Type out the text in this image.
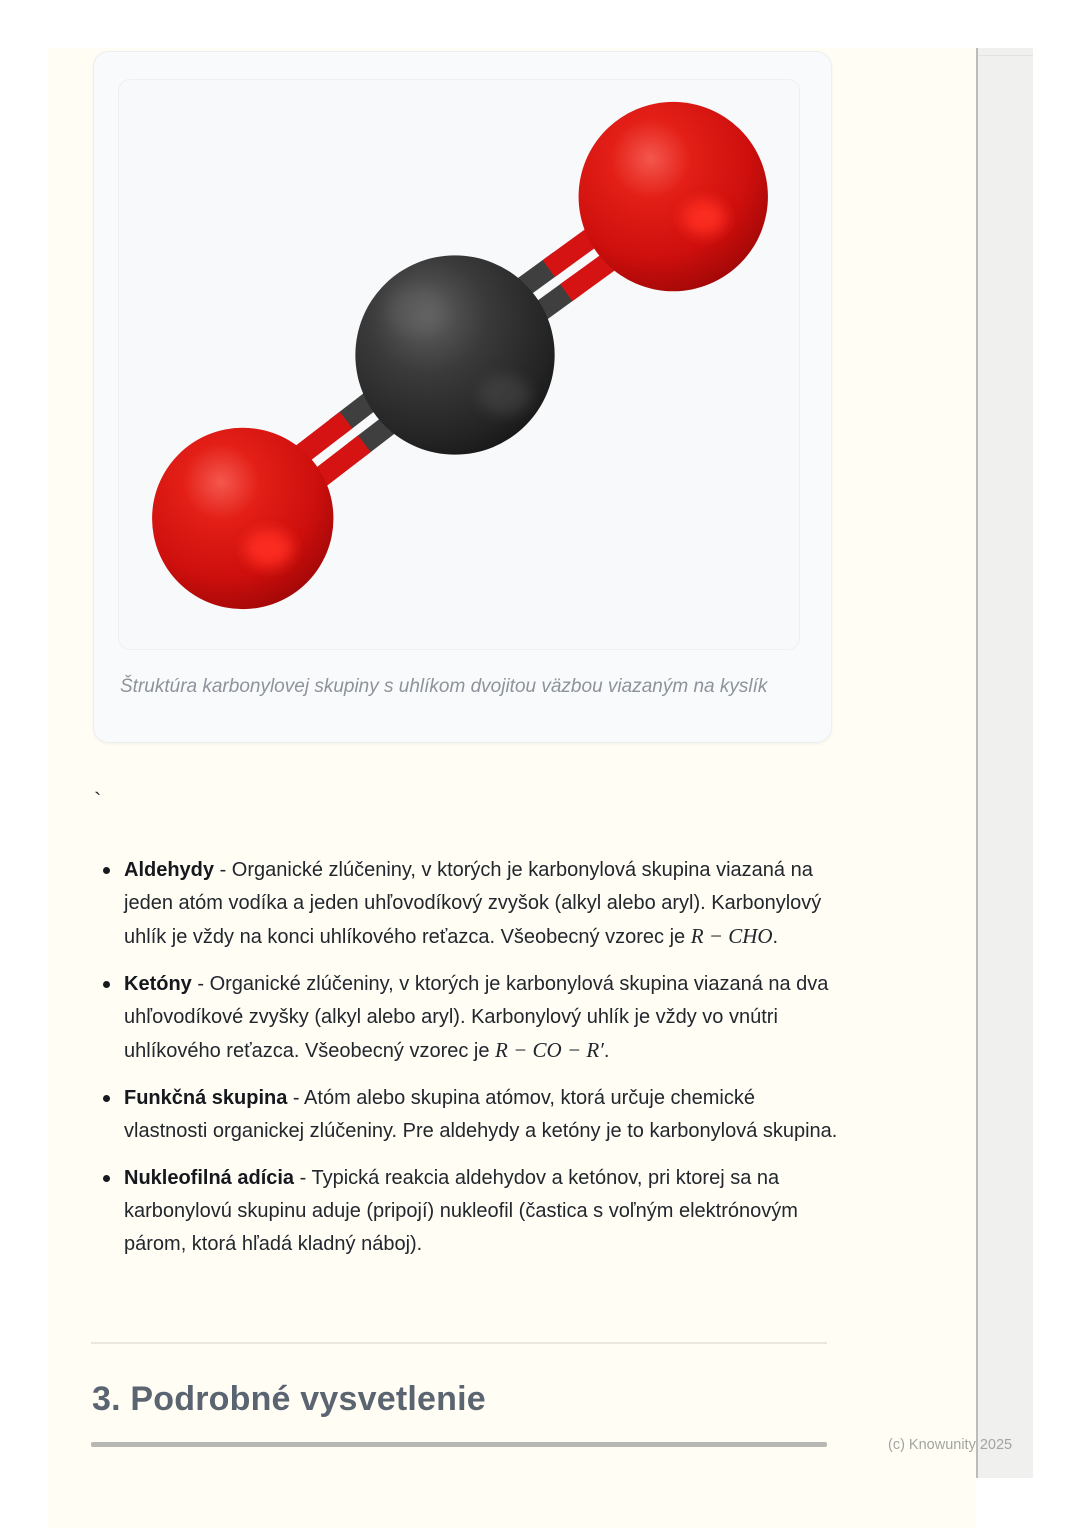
Štruktúra karbonylovej skupiny s uhlíkom dvojitou väzbou viazaným na kyslík
`
Aldehydy - Organické zlúčeniny, v ktorých je karbonylová skupina viazaná na jeden atóm vodíka a jeden uhľovodíkový zvyšok (alkyl alebo aryl). Karbonylový uhlík je vždy na konci uhlíkového reťazca. Všeobecný vzorec je R − CHO.
Ketóny - Organické zlúčeniny, v ktorých je karbonylová skupina viazaná na dva uhľovodíkové zvyšky (alkyl alebo aryl). Karbonylový uhlík je vždy vo vnútri uhlíkového reťazca. Všeobecný vzorec je R − CO − R′.
Funkčná skupina - Atóm alebo skupina atómov, ktorá určuje chemické vlastnosti organickej zlúčeniny. Pre aldehydy a ketóny je to karbonylová skupina.
Nukleofilná adícia - Typická reakcia aldehydov a ketónov, pri ktorej sa na karbonylovú skupinu aduje (pripojí) nukleofil (častica s voľným elektrónovým párom, ktorá hľadá kladný náboj).
3. Podrobné vysvetlenie
(c) Knowunity 2025
